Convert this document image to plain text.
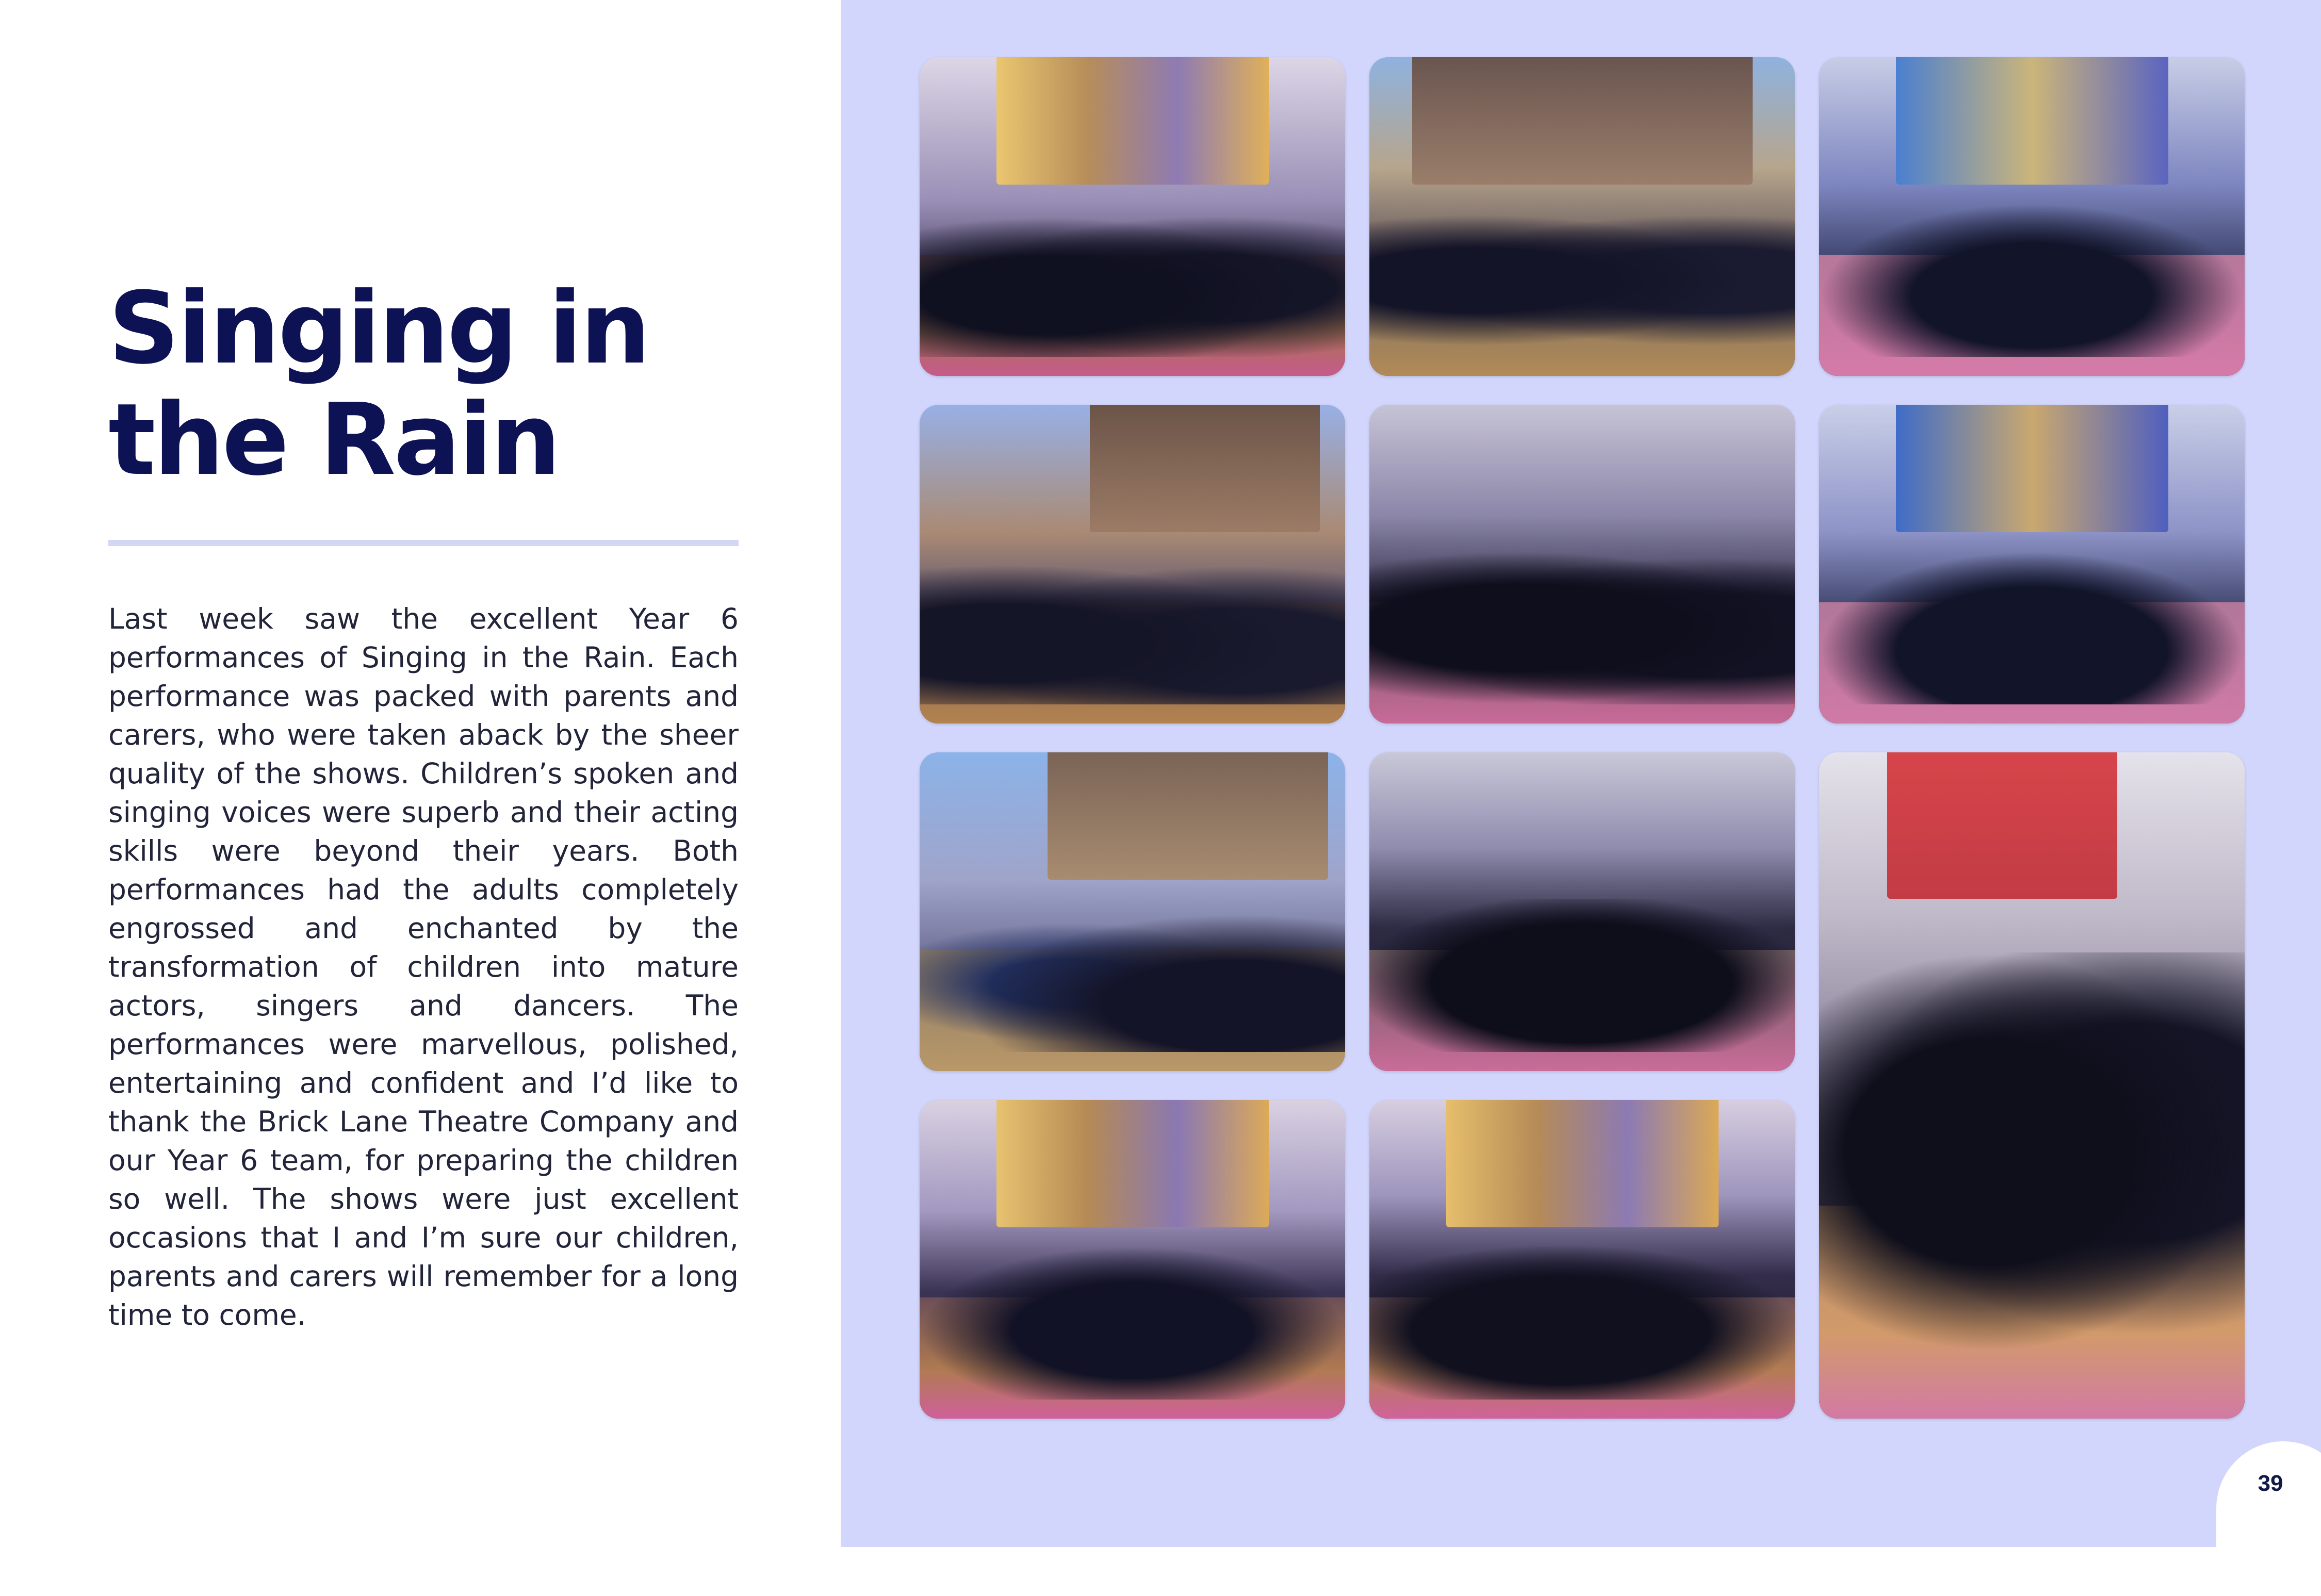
Singing in
the Rain

Last week saw the excellent Year 6 performances of Singing in the Rain. Each performance was packed with parents and carers, who were taken aback by the sheer quality of the shows. Children’s spoken and singing voices were superb and their acting skills were beyond their years. Both performances had the adults completely engrossed and enchanted by the transformation of children into mature actors, singers and dancers. The performances were marvellous, polished, entertaining and confident and I’d like to thank the Brick Lane Theatre Company and our Year 6 team, for preparing the children so well. The shows were just excellent occasions that I and I’m sure our children, parents and carers will remember for a long time to come.

39
